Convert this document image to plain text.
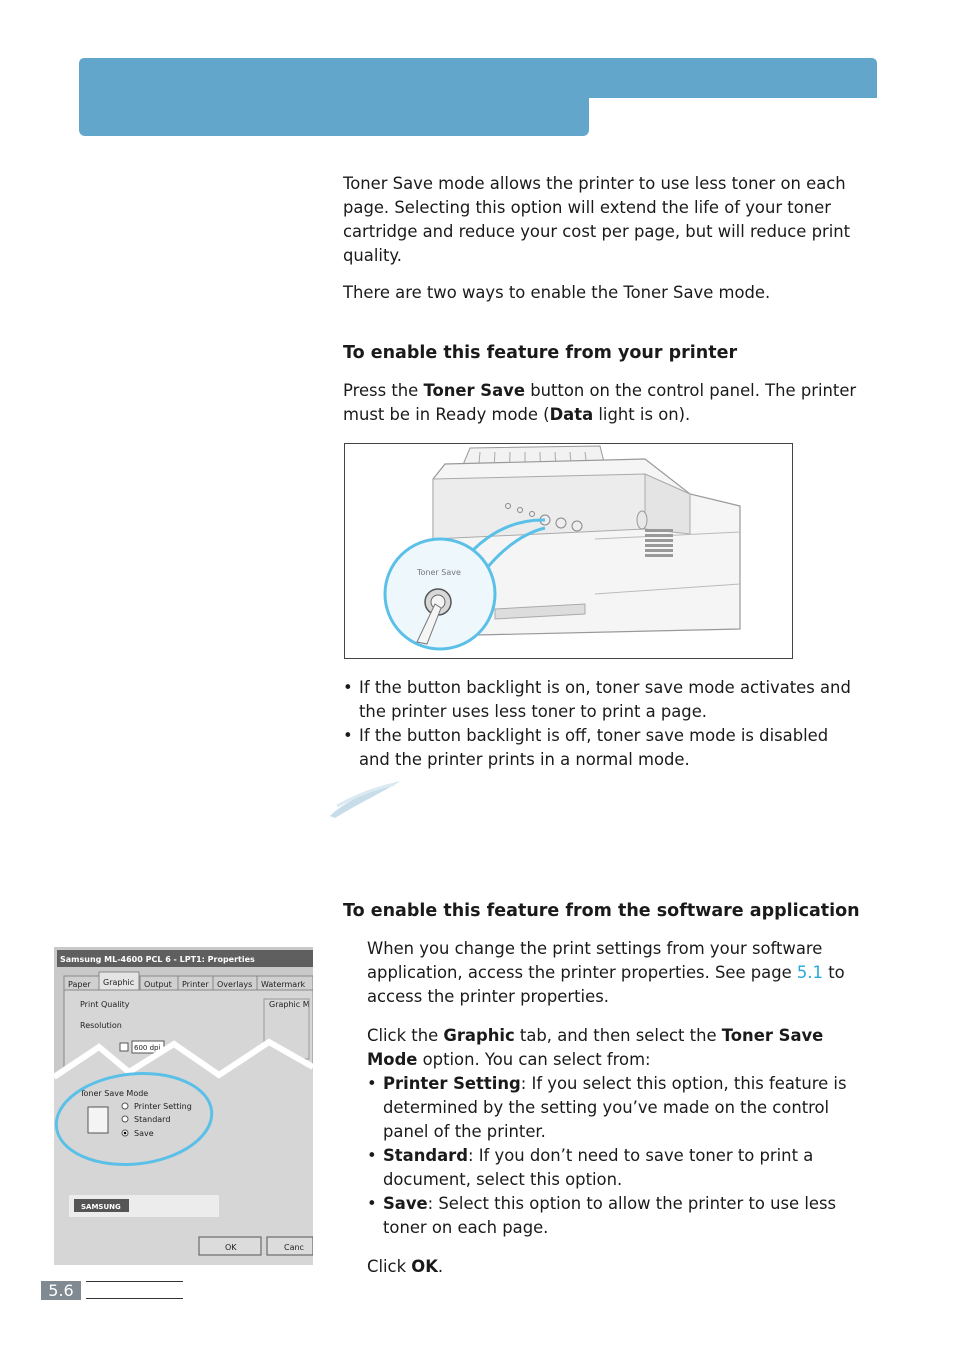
Toner Save mode allows the printer to use less toner on each
page. Selecting this option will extend the life of your toner
cartridge and reduce your cost per page, but will reduce print
quality.
There are two ways to enable the Toner Save mode.
To enable this feature from your printer
Press the Toner Save button on the control panel. The printer
must be in Ready mode (Data light is on).
Toner Save
• If the button backlight is on, toner save mode activates and
the printer uses less toner to print a page.
• If the button backlight is off, toner save mode is disabled
and the printer prints in a normal mode.
To enable this feature from the software application
When you change the print settings from your software
application, access the printer properties. See page 5.1 to
access the printer properties.
Click the Graphic tab, and then select the Toner Save
Mode option. You can select from:
• Printer Setting: If you select this option, this feature is
determined by the setting you’ve made on the control
panel of the printer.
• Standard: If you don’t need to save toner to print a
document, select this option.
• Save: Select this option to allow the printer to use less
toner on each page.
Click OK.
Samsung ML-4600 PCL 6 - LPT1: Properties
Paper Graphic Output Printer Overlays Watermark
Print Quality	Graphic M
Resolution
600 dpi
Toner Save Mode
Printer Setting
Standard
Save
SAMSUNG
OK	Canc
5.6
